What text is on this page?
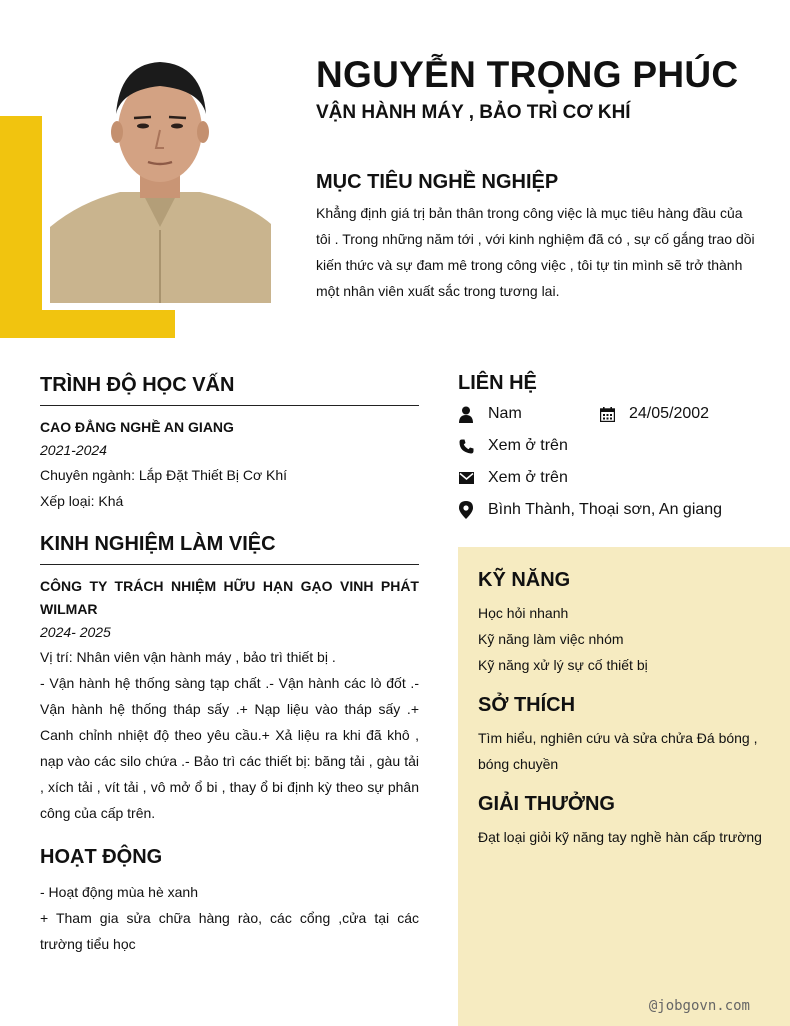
NGUYỄN TRỌNG PHÚC
VẬN HÀNH MÁY , BẢO TRÌ CƠ KHÍ
MỤC TIÊU NGHỀ NGHIỆP
Khẳng định giá trị bản thân trong công việc là mục tiêu hàng đầu của tôi . Trong những năm tới , với kinh nghiệm đã có , sự cố gắng trao dồi kiến thức và sự đam mê trong công việc , tôi tự tin mình sẽ trở thành một nhân viên xuất sắc trong tương lai.
TRÌNH ĐỘ HỌC VẤN
CAO ĐẲNG NGHỀ AN GIANG
2021-2024
Chuyên ngành: Lắp Đặt Thiết Bị Cơ Khí
Xếp loại: Khá
KINH NGHIỆM LÀM VIỆC
CÔNG TY TRÁCH NHIỆM HỮU HẠN GẠO VINH PHÁT WILMAR
2024- 2025
Vị trí: Nhân viên vận hành máy , bảo trì thiết bị .
- Vận hành hệ thống sàng tạp chất .- Vận hành các lò đốt .- Vận hành hệ thống tháp sấy .+ Nạp liệu vào tháp sấy .+ Canh chỉnh nhiệt độ theo yêu cầu.+ Xả liệu ra khi đã khô , nạp vào các silo chứa .- Bảo trì các thiết bị: băng tải , gàu tải , xích tải , vít tải , vô mở ổ bi , thay ổ bi định kỳ theo sự phân công của cấp trên.
HOẠT ĐỘNG
- Hoạt động mùa hè xanh
+ Tham gia sửa chữa hàng rào, các cổng ,cửa tại các trường tiểu học
LIÊN HỆ
Nam	24/05/2002
Xem ở trên
Xem ở trên
Bình Thành, Thoại sơn, An giang
KỸ NĂNG
Học hỏi nhanh
Kỹ năng làm việc nhóm
Kỹ năng xử lý sự cố thiết bị
SỞ THÍCH
Tìm hiểu, nghiên cứu và sửa chửa Đá bóng , bóng chuyền
GIẢI THƯỞNG
Đạt loại giỏi kỹ năng tay nghề hàn cấp trường
@jobgovn.com
